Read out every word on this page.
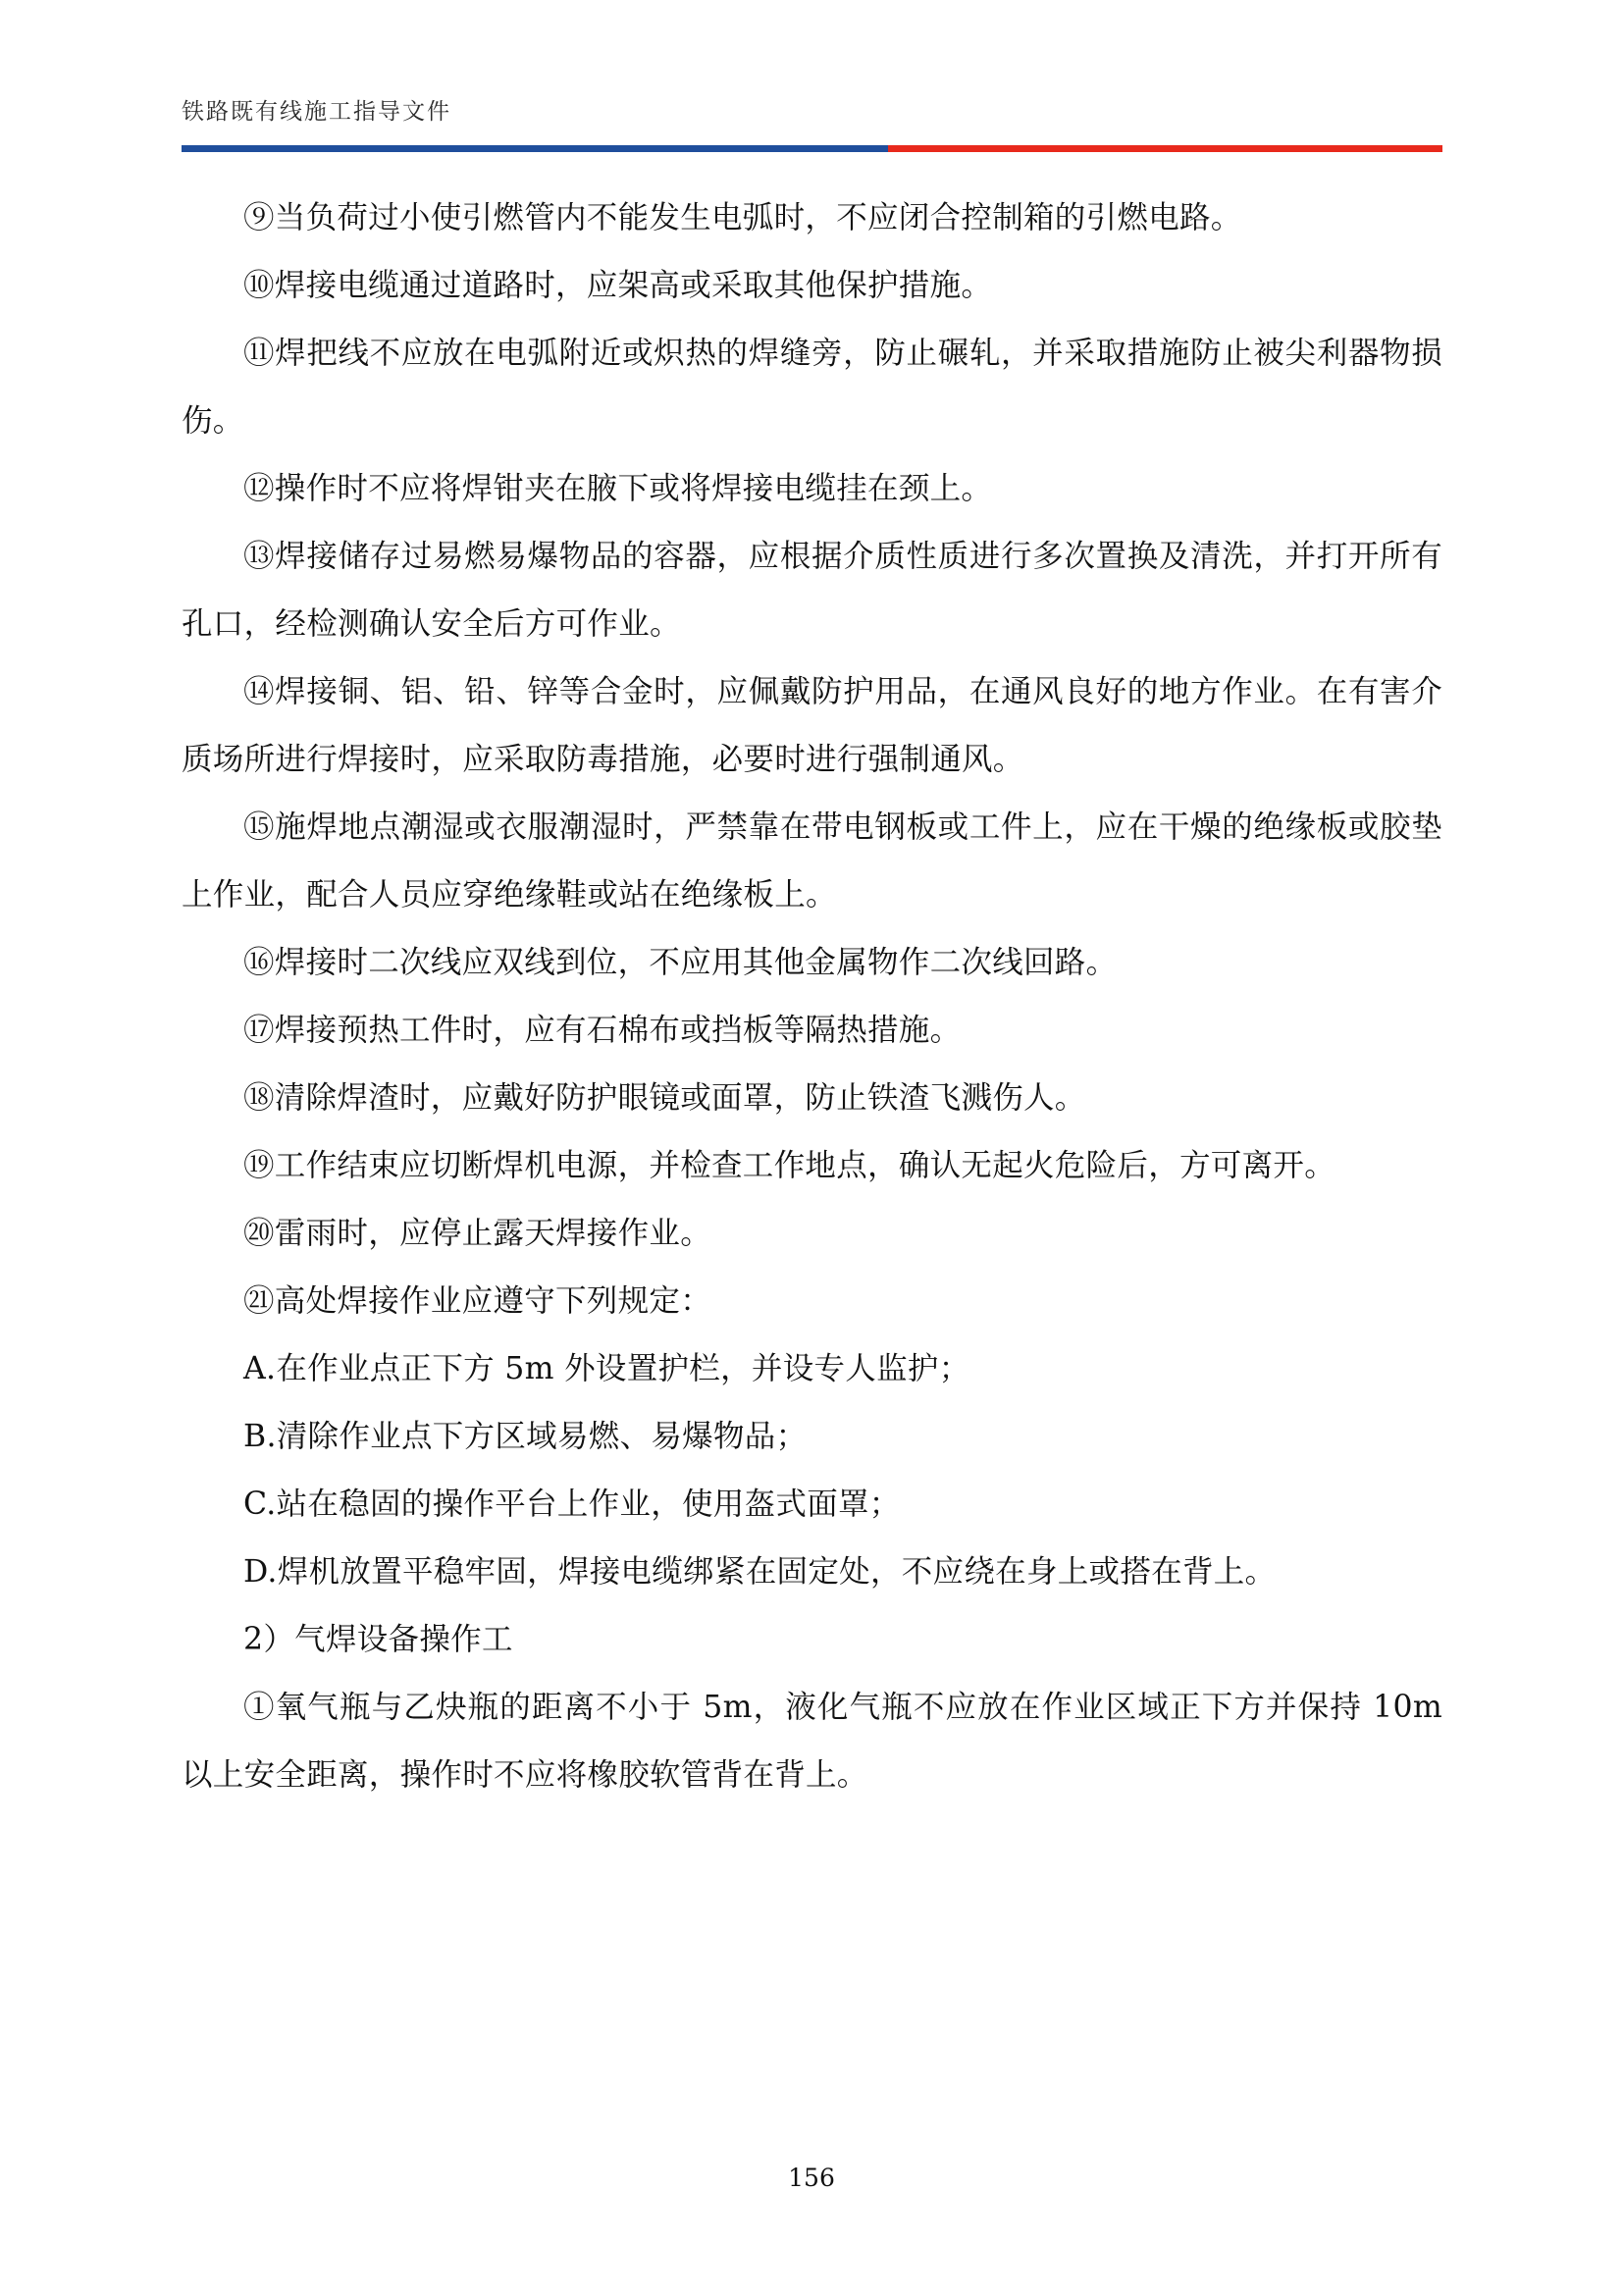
铁路既有线施工指导文件

⑨当负荷过小使引燃管内不能发生电弧时，不应闭合控制箱的引燃电路。

⑩焊接电缆通过道路时，应架高或采取其他保护措施。

⑪焊把线不应放在电弧附近或炽热的焊缝旁，防止碾轧，并采取措施防止被尖利器物损伤。

⑫操作时不应将焊钳夹在腋下或将焊接电缆挂在颈上。

⑬焊接储存过易燃易爆物品的容器，应根据介质性质进行多次置换及清洗，并打开所有孔口，经检测确认安全后方可作业。

⑭焊接铜、铝、铅、锌等合金时，应佩戴防护用品，在通风良好的地方作业。在有害介质场所进行焊接时，应采取防毒措施，必要时进行强制通风。

⑮施焊地点潮湿或衣服潮湿时，严禁靠在带电钢板或工件上，应在干燥的绝缘板或胶垫上作业，配合人员应穿绝缘鞋或站在绝缘板上。

⑯焊接时二次线应双线到位，不应用其他金属物作二次线回路。

⑰焊接预热工件时，应有石棉布或挡板等隔热措施。

⑱清除焊渣时，应戴好防护眼镜或面罩，防止铁渣飞溅伤人。

⑲工作结束应切断焊机电源，并检查工作地点，确认无起火危险后，方可离开。

⑳雷雨时，应停止露天焊接作业。

㉑高处焊接作业应遵守下列规定：

A.在作业点正下方 5m 外设置护栏，并设专人监护；

B.清除作业点下方区域易燃、易爆物品；

C.站在稳固的操作平台上作业，使用盔式面罩；

D.焊机放置平稳牢固，焊接电缆绑紧在固定处，不应绕在身上或搭在背上。

2）气焊设备操作工

①氧气瓶与乙炔瓶的距离不小于 5m，液化气瓶不应放在作业区域正下方并保持 10m 以上安全距离，操作时不应将橡胶软管背在背上。

156
